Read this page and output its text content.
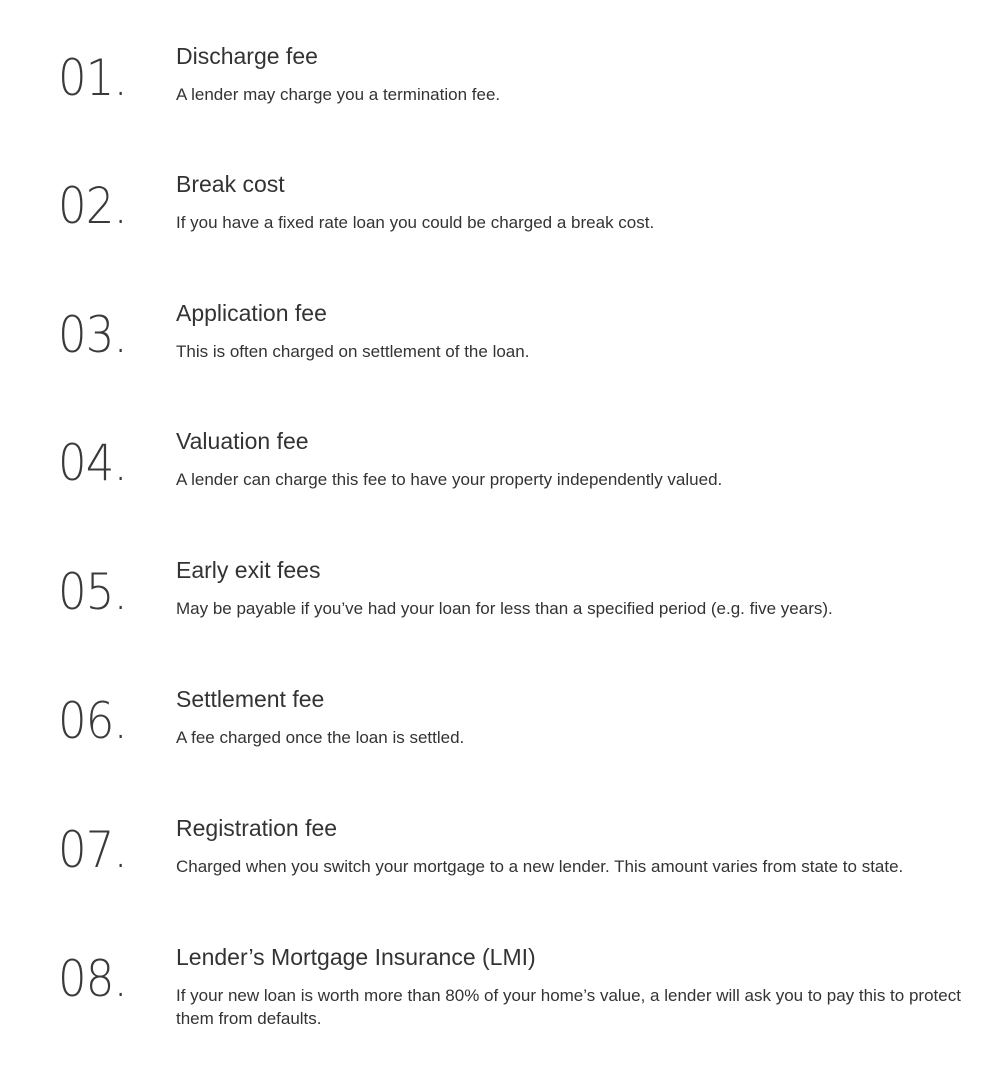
01. Discharge fee
A lender may charge you a termination fee.
02. Break cost
If you have a fixed rate loan you could be charged a break cost.
03. Application fee
This is often charged on settlement of the loan.
04. Valuation fee
A lender can charge this fee to have your property independently valued.
05. Early exit fees
May be payable if you’ve had your loan for less than a specified period (e.g. five years).
06. Settlement fee
A fee charged once the loan is settled.
07. Registration fee
Charged when you switch your mortgage to a new lender. This amount varies from state to state.
08. Lender’s Mortgage Insurance (LMI)
If your new loan is worth more than 80% of your home’s value, a lender will ask you to pay this to protect them from defaults.
